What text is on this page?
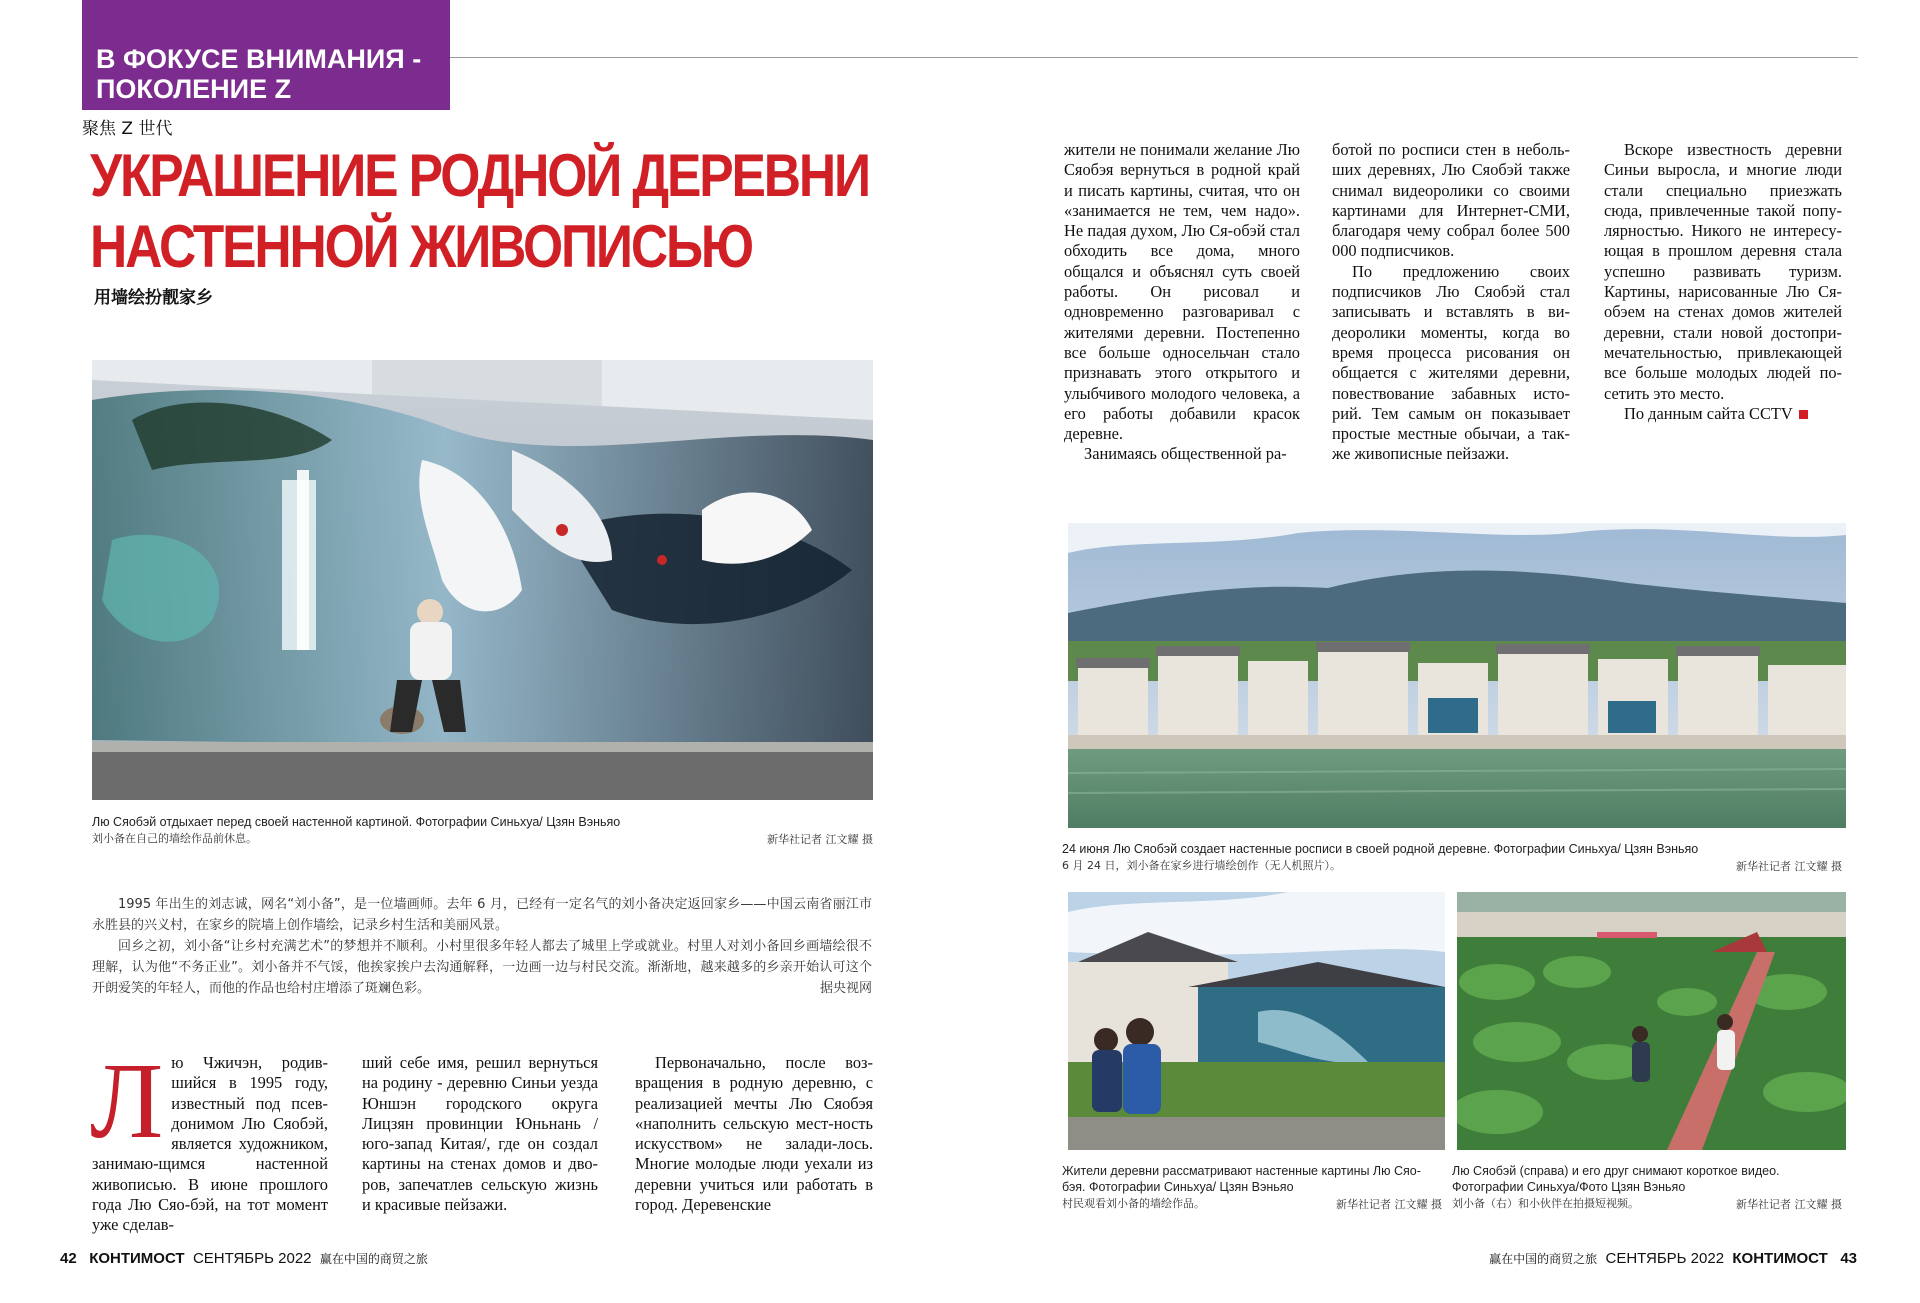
В ФОКУСЕ ВНИМАНИЯ -
ПОКОЛЕНИЕ Z
聚焦 Z 世代
УКРАШЕНИЕ РОДНОЙ ДЕРЕВНИ
НАСТЕННОЙ ЖИВОПИСЬЮ
用墙绘扮靓家乡
Лю Сяобэй отдыхает перед своей настенной картиной. Фотографии Синьхуа/ Цзян Вэньяо
刘小备在自己的墙绘作品前休息。	新华社记者 江文耀 摄

1995 年出生的刘志诚，网名“刘小备”，是一位墙画师。去年 6 月，已经有一定名气的刘小备决定返回家乡——中国云南省丽江市永胜县的兴义村，在家乡的院墙上创作墙绘，记录乡村生活和美丽风景。

回乡之初，刘小备“让乡村充满艺术”的梦想并不顺利。小村里很多年轻人都去了城里上学或就业。村里人对刘小备回乡画墙绘很不理解，认为他“不务正业”。刘小备并不气馁，他挨家挨户去沟通解释，一边画一边与村民交流。渐渐地，越来越多的乡亲开始认可这个开朗爱笑的年轻人，而他的作品也给村庄增添了斑斓色彩。	据央视网
Л ю Чжичэн, родив-шийся в 1995 году, известный под псев-донимом Лю Сяобэй, является художником, занимаю-щимся настенной живописью. В июне прошлого года Лю Сяо-бэй, на тот момент уже сделав-

ший себе имя, решил вернуться на родину - деревню Синьи уезда Юншэн городского округа Лицзян провинции Юньнань / юго-запад Китая/, где он создал картины на стенах домов и дво-ров, запечатлев сельскую жизнь и красивые пейзажи.

Первоначально, после воз-вращения в родную деревню, с реализацией мечты Лю Сяобэя «наполнить сельскую мест-ность искусством» не залади-лось. Многие молодые люди уехали из деревни учиться или работать в город. Деревенские

жители не понимали желание Лю Сяобэя вернуться в родной край и писать картины, считая, что он «занимается не тем, чем надо». Не падая духом, Лю Ся-обэй стал обходить все дома, много общался и объяснял суть своей работы. Он рисовал и одновременно разговаривал с жителями деревни. Постепенно все больше односельчан стало признавать этого открытого и улыбчивого молодого человека, а его работы добавили красок деревне.

Занимаясь общественной ра-

ботой по росписи стен в неболь-ших деревнях, Лю Сяобэй также снимал видеоролики со своими картинами для Интернет-СМИ, благодаря чему собрал более 500 000 подписчиков.

По предложению своих подписчиков Лю Сяобэй стал записывать и вставлять в ви-деоролики моменты, когда во время процесса рисования он общается с жителями деревни, повествование забавных исто-рий. Тем самым он показывает простые местные обычаи, а так-же живописные пейзажи.

Вскоре известность деревни Синьи выросла, и многие люди стали специально приезжать сюда, привлеченные такой попу-лярностью. Никого не интересу-ющая в прошлом деревня стала успешно развивать туризм. Картины, нарисованные Лю Ся-обэем на стенах домов жителей деревни, стали новой достопри-мечательностью, привлекающей все больше молодых людей по-сетить это место.

По данным сайта CCTV

24 июня Лю Сяобэй создает настенные росписи в своей родной деревне. Фотографии Синьхуа/ Цзян Вэньяо
6 月 24 日，刘小备在家乡进行墙绘创作（无人机照片）。	新华社记者 江文耀 摄
Жители деревни рассматривают настенные картины Лю Сяо-
бэя. Фотографии Синьхуа/ Цзян Вэньяо
村民观看刘小备的墙绘作品。	新华社记者 江文耀 摄
Лю Сяобэй (справа) и его друг снимают короткое видео.
Фотографии Синьхуа/Фото Цзян Вэньяо
刘小备（右）和小伙伴在拍摄短视频。	新华社记者 江文耀 摄
42 КОНТИМОСТ СЕНТЯБРЬ 2022 赢在中国的商贸之旅	赢在中国的商贸之旅 СЕНТЯБРЬ 2022 КОНТИМОСТ 43
